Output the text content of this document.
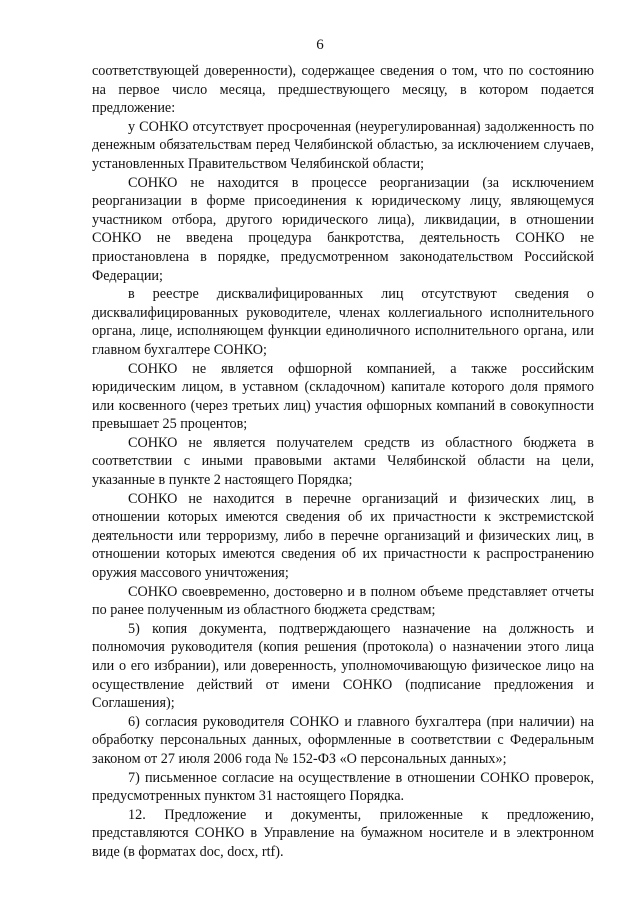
6

соответствующей доверенности), содержащее сведения о том, что по состоянию на первое число месяца, предшествующего месяцу, в котором подается предложение:

у СОНКО отсутствует просроченная (неурегулированная) задолженность по денежным обязательствам перед Челябинской областью, за исключением случаев, установленных Правительством Челябинской области;

СОНКО не находится в процессе реорганизации (за исключением реорганизации в форме присоединения к юридическому лицу, являющемуся участником отбора, другого юридического лица), ликвидации, в отношении СОНКО не введена процедура банкротства, деятельность СОНКО не приостановлена в порядке, предусмотренном законодательством Российской Федерации;

в реестре дисквалифицированных лиц отсутствуют сведения о дисквалифицированных руководителе, членах коллегиального исполнительного органа, лице, исполняющем функции единоличного исполнительного органа, или главном бухгалтере СОНКО;

СОНКО не является офшорной компанией, а также российским юридическим лицом, в уставном (складочном) капитале которого доля прямого или косвенного (через третьих лиц) участия офшорных компаний в совокупности превышает 25 процентов;

СОНКО не является получателем средств из областного бюджета в соответствии с иными правовыми актами Челябинской области на цели, указанные в пункте 2 настоящего Порядка;

СОНКО не находится в перечне организаций и физических лиц, в отношении которых имеются сведения об их причастности к экстремистской деятельности или терроризму, либо в перечне организаций и физических лиц, в отношении которых имеются сведения об их причастности к распространению оружия массового уничтожения;

СОНКО своевременно, достоверно и в полном объеме представляет отчеты по ранее полученным из областного бюджета средствам;

5) копия документа, подтверждающего назначение на должность и полномочия руководителя (копия решения (протокола) о назначении этого лица или о его избрании), или доверенность, уполномочивающую физическое лицо на осуществление действий от имени СОНКО (подписание предложения и Соглашения);

6) согласия руководителя СОНКО и главного бухгалтера (при наличии) на обработку персональных данных, оформленные в соответствии с Федеральным законом от 27 июля 2006 года № 152-ФЗ «О персональных данных»;

7) письменное согласие на осуществление в отношении СОНКО проверок, предусмотренных пунктом 31 настоящего Порядка.

12. Предложение и документы, приложенные к предложению, представляются СОНКО в Управление на бумажном носителе и в электронном виде (в форматах doc, docx, rtf).
